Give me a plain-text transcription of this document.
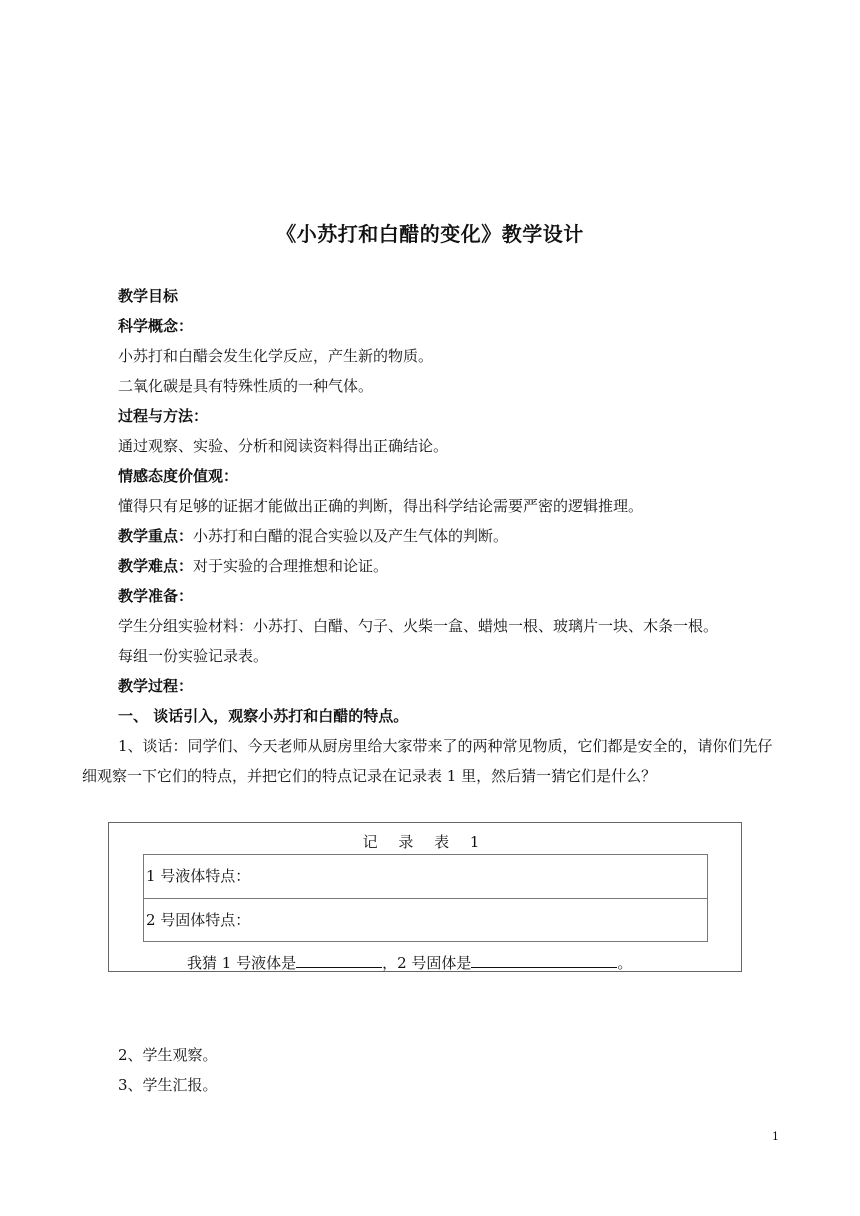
《小苏打和白醋的变化》教学设计
教学目标
科学概念：
小苏打和白醋会发生化学反应，产生新的物质。
二氧化碳是具有特殊性质的一种气体。
过程与方法：
通过观察、实验、分析和阅读资料得出正确结论。
情感态度价值观：
懂得只有足够的证据才能做出正确的判断，得出科学结论需要严密的逻辑推理。
教学重点：小苏打和白醋的混合实验以及产生气体的判断。
教学难点：对于实验的合理推想和论证。
教学准备：
学生分组实验材料：小苏打、白醋、勺子、火柴一盒、蜡烛一根、玻璃片一块、木条一根。
每组一份实验记录表。
教学过程：
一、 谈话引入，观察小苏打和白醋的特点。
1、谈话：同学们、今天老师从厨房里给大家带来了的两种常见物质，它们都是安全的，请你们先仔细观察一下它们的特点，并把它们的特点记录在记录表 1 里，然后猜一猜它们是什么？
记 录 表 1
1 号液体特点：
2 号固体特点：
我猜 1 号液体是	，2 号固体是	。
2、学生观察。
3、学生汇报。
1
